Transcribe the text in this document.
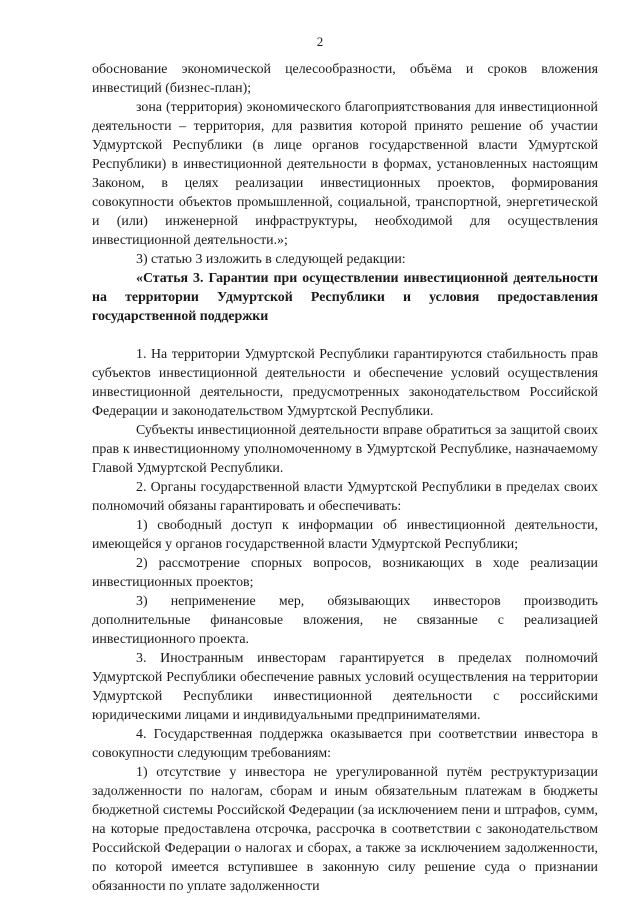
2

обоснование экономической целесообразности, объёма и сроков вложения инвестиций (бизнес-план);

зона (территория) экономического благоприятствования для инвестиционной деятельности – территория, для развития которой принято решение об участии Удмуртской Республики (в лице органов государственной власти Удмуртской Республики) в инвестиционной деятельности в формах, установленных настоящим Законом, в целях реализации инвестиционных проектов, формирования совокупности объектов промышленной, социальной, транспортной, энергетической и (или) инженерной инфраструктуры, необходимой для осуществления инвестиционной деятельности.»;

3) статью 3 изложить в следующей редакции:

«Статья 3. Гарантии при осуществлении инвестиционной деятельности на территории Удмуртской Республики и условия предоставления государственной поддержки

1. На территории Удмуртской Республики гарантируются стабильность прав субъектов инвестиционной деятельности и обеспечение условий осуществления инвестиционной деятельности, предусмотренных законодательством Российской Федерации и законодательством Удмуртской Республики.

Субъекты инвестиционной деятельности вправе обратиться за защитой своих прав к инвестиционному уполномоченному в Удмуртской Республике, назначаемому Главой Удмуртской Республики.

2. Органы государственной власти Удмуртской Республики в пределах своих полномочий обязаны гарантировать и обеспечивать:

1) свободный доступ к информации об инвестиционной деятельности, имеющейся у органов государственной власти Удмуртской Республики;

2) рассмотрение спорных вопросов, возникающих в ходе реализации инвестиционных проектов;

3) неприменение мер, обязывающих инвесторов производить дополнительные финансовые вложения, не связанные с реализацией инвестиционного проекта.

3. Иностранным инвесторам гарантируется в пределах полномочий Удмуртской Республики обеспечение равных условий осуществления на территории Удмуртской Республики инвестиционной деятельности с российскими юридическими лицами и индивидуальными предпринимателями.

4. Государственная поддержка оказывается при соответствии инвестора в совокупности следующим требованиям:

1) отсутствие у инвестора не урегулированной путём реструктуризации задолженности по налогам, сборам и иным обязательным платежам в бюджеты бюджетной системы Российской Федерации (за исключением пени и штрафов, сумм, на которые предоставлена отсрочка, рассрочка в соответствии с законодательством Российской Федерации о налогах и сборах, а также за исключением задолженности, по которой имеется вступившее в законную силу решение суда о признании обязанности по уплате задолженности
